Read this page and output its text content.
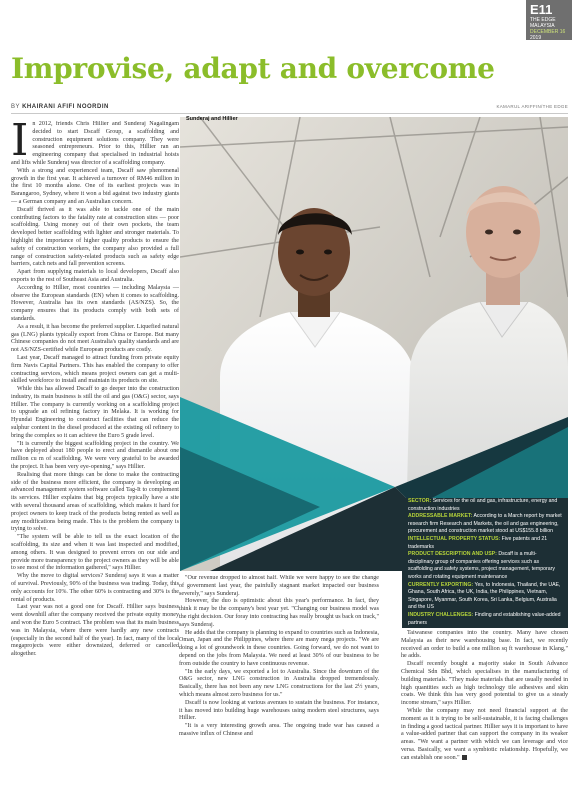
E11
THE EDGE MALAYSIA
DECEMBER 16
2019
Improvise, adapt and overcome
BY KHAIRANI AFIFI NOORDIN	KAMARUL ARIFFIN/THE EDGE
I n 2012, friends Chris Hillier and Sunderaj Nagalingam decided to start Dscaff Group, a scaffolding and construction equipment solutions company. They were seasoned entrepreneurs. Prior to this, Hillier ran an engineering company that specialised in industrial hoists and lifts while Sunderaj was director of a scaffolding company.

With a strong and experienced team, Dscaff saw phenomenal growth in the first year. It achieved a turnover of RM46 million in the first 10 months alone. One of its earliest projects was in Barangaroo, Sydney, where it won a bid against two industry giants — a German company and an Australian concern.

Dscaff thrived as it was able to tackle one of the main contributing factors to the fatality rate at construction sites — poor scaffolding. Using money out of their own pockets, the team developed better scaffolding with lighter and stronger materials. To highlight the importance of higher quality products to ensure the safety of construction workers, the company also provided a full range of construction safety-related products such as safety edge barriers, catch nets and fall prevention screens.

Apart from supplying materials to local developers, Dscaff also exports to the rest of Southeast Asia and Australia.

According to Hillier, most countries — including Malaysia — observe the European standards (EN) when it comes to scaffolding. However, Australia has its own standards (AS/NZS). So, the company ensures that its products comply with both sets of standards.

As a result, it has become the preferred supplier. Liquefied natural gas (LNG) plants typically export from China or Europe. But many Chinese companies do not meet Australia's quality standards and are not AS/NZS-certified while European products are costly.

Last year, Dscaff managed to attract funding from private equity firm Navis Capital Partners. This has enabled the company to offer contracting services, which means project owners can get a multi-skilled workforce to install and maintain its products on site.

While this has allowed Dscaff to go deeper into the construction industry, its main business is still the oil and gas (O&G) sector, says Hillier. The company is currently working on a scaffolding project to upgrade an oil refining factory in Melaka. It is working for Hyundai Engineering to construct facilities that can reduce the sulphur content in the diesel produced at the existing oil refinery to bring the complex so it can achieve the Euro 5 grade level.

"It is currently the biggest scaffolding project in the country. We have deployed about 180 people to erect and dismantle about one million cu m of scaffolding. We were very grateful to be awarded the project. It has been very eye-opening," says Hillier.

Realising that more things can be done to make the contracting side of the business more efficient, the company is developing an advanced management system software called Tag-It to complement its services. Hillier explains that big projects typically have a site with several thousand areas of scaffolding, which makes it hard for project owners to keep track of the products being rented as well as any modifications being made. This is the problem the company is trying to solve.

"The system will be able to tell us the exact location of the scaffolding, its size and when it was last inspected and modified, among others. It was designed to prevent errors on our side and provide more transparency to the project owners as they will be able to see most of the information gathered," says Hillier.

Why the move to digital services? Sunderaj says it was a matter of survival. Previously, 90% of the business was trading. Today, this only accounts for 10%. The other 60% is contracting and 30% is the rental of products.

Last year was not a good one for Dscaff. Hillier says business went downhill after the company received the private equity money and won the Euro 5 contract. The problem was that its main business was in Malaysia, where there were hardly any new contracts (especially in the second half of the year). In fact, many of the local megaprojects were either downsized, deferred or cancelled altogether.

Sunderaj and Hillier

SECTOR: Services for the oil and gas, infrastructure, energy and construction industries

ADDRESSABLE MARKET: According to a March report by market research firm Research and Markets, the oil and gas engineering, procurement and construction market stood at US$155.8 billion

INTELLECTUAL PROPERTY STATUS: Five patents and 21 trademarks

PRODUCT DESCRIPTION AND USP: Dscaff is a multi-disciplinary group of companies offering services such as scaffolding and safety systems, project management, temporary works and rotating equipment maintenance

CURRENTLY EXPORTING: Yes, to Indonesia, Thailand, the UAE, Ghana, South Africa, the UK, India, the Philippines, Vietnam, Singapore, Myanmar, South Korea, Sri Lanka, Belgium, Australia and the US

INDUSTRY CHALLENGES: Finding and establishing value-added partners

"Our revenue dropped to almost half. While we were happy to see the change of government last year, the painfully stagnant market impacted our business severely," says Sunderaj.

However, the duo is optimistic about this year's performance. In fact, they think it may be the company's best year yet. "Changing our business model was the right decision. Our foray into contracting has really brought us back on track," says Sunderaj.

He adds that the company is planning to expand to countries such as Indonesia, Oman, Japan and the Philippines, where there are many mega projects. "We are doing a lot of groundwork in these countries. Going forward, we do not want to depend on the jobs from Malaysia. We need at least 30% of our business to be from outside the country to have continuous revenue.

"In the early days, we exported a lot to Australia. Since the downturn of the O&G sector, new LNG construction in Australia dropped tremendously. Basically, there has not been any new LNG constructions for the last 2½ years, which means almost zero business for us."

Dscaff is now looking at various avenues to sustain the business. For instance, it has moved into building huge warehouses using modern steel structures, says Hillier.

"It is a very interesting growth area. The ongoing trade war has caused a massive influx of Chinese and

Taiwanese companies into the country. Many have chosen Malaysia as their new warehousing base. In fact, we recently received an order to build a one million sq ft warehouse in Klang," he adds.

Dscaff recently bought a majority stake in South Advance Chemical Sdn Bhd, which specialises in the manufacturing of building materials. "They make materials that are usually needed in high quantities such as high technology tile adhesives and skin coats. We think this has very good potential to give us a steady income stream," says Hillier.

While the company may not need financial support at the moment as it is trying to be self-sustainable, it is facing challenges in finding a good tactical partner. Hillier says it is important to have a value-added partner that can support the company in its weaker areas. "We want a partner with which we can leverage and vice versa. Basically, we want a symbiotic relationship. Hopefully, we can establish one soon."
